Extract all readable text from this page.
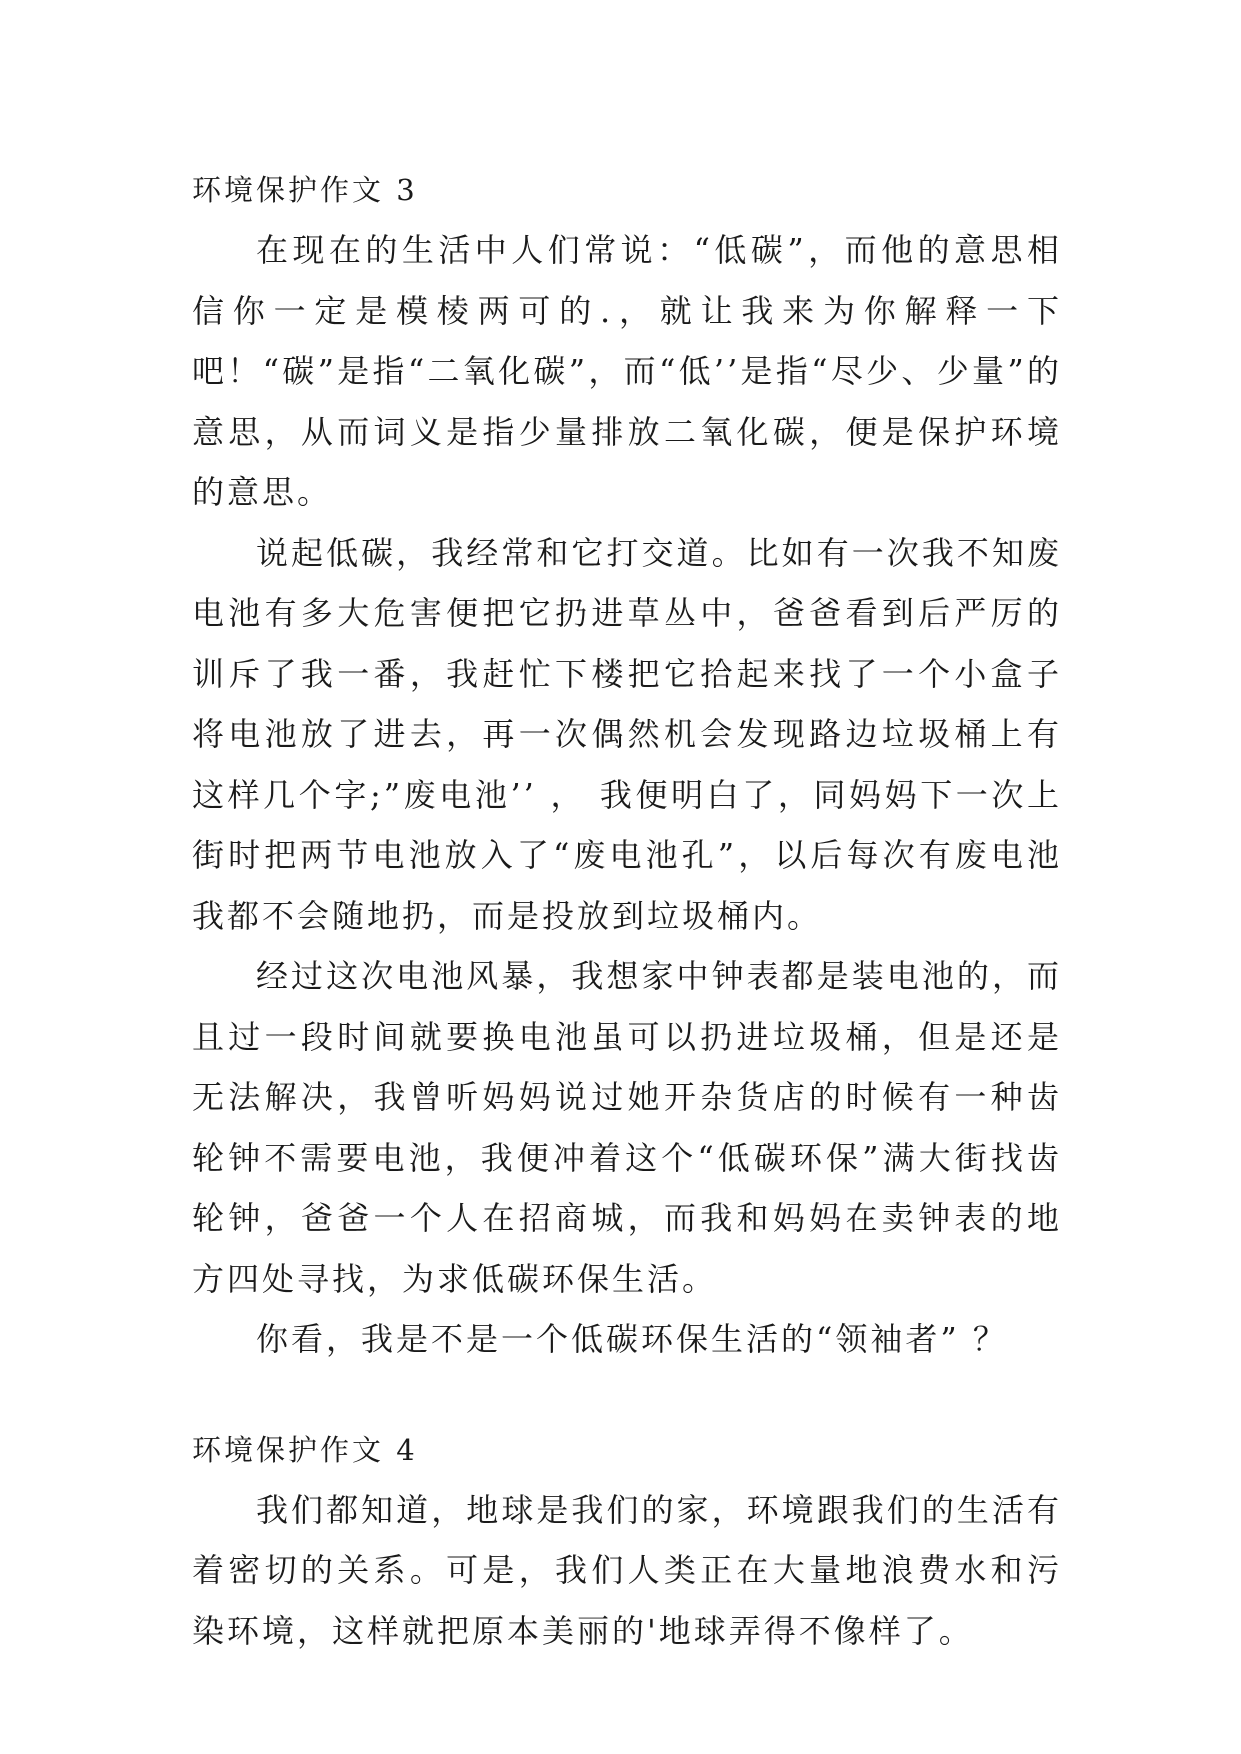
环境保护作文 3

在现在的生活中人们常说：“低碳”，而他的意思相信你一定是模棱两可的.，就让我来为你解释一下吧！“碳”是指“二氧化碳”，而“低’’是指“尽少、少量”的意思，从而词义是指少量排放二氧化碳，便是保护环境的意思。

说起低碳，我经常和它打交道。比如有一次我不知废电池有多大危害便把它扔进草丛中，爸爸看到后严厉的训斥了我一番，我赶忙下楼把它拾起来找了一个小盒子将电池放了进去，再一次偶然机会发现路边垃圾桶上有这样几个字;”废电池’’ ， 我便明白了，同妈妈下一次上街时把两节电池放入了“废电池孔”，以后每次有废电池我都不会随地扔，而是投放到垃圾桶内。

经过这次电池风暴，我想家中钟表都是装电池的，而且过一段时间就要换电池虽可以扔进垃圾桶，但是还是无法解决，我曾听妈妈说过她开杂货店的时候有一种齿轮钟不需要电池，我便冲着这个“低碳环保”满大街找齿轮钟，爸爸一个人在招商城，而我和妈妈在卖钟表的地方四处寻找，为求低碳环保生活。

你看，我是不是一个低碳环保生活的“领袖者” ？

环境保护作文 4

我们都知道，地球是我们的家，环境跟我们的生活有着密切的关系。可是，我们人类正在大量地浪费水和污染环境，这样就把原本美丽的'地球弄得不像样了。
